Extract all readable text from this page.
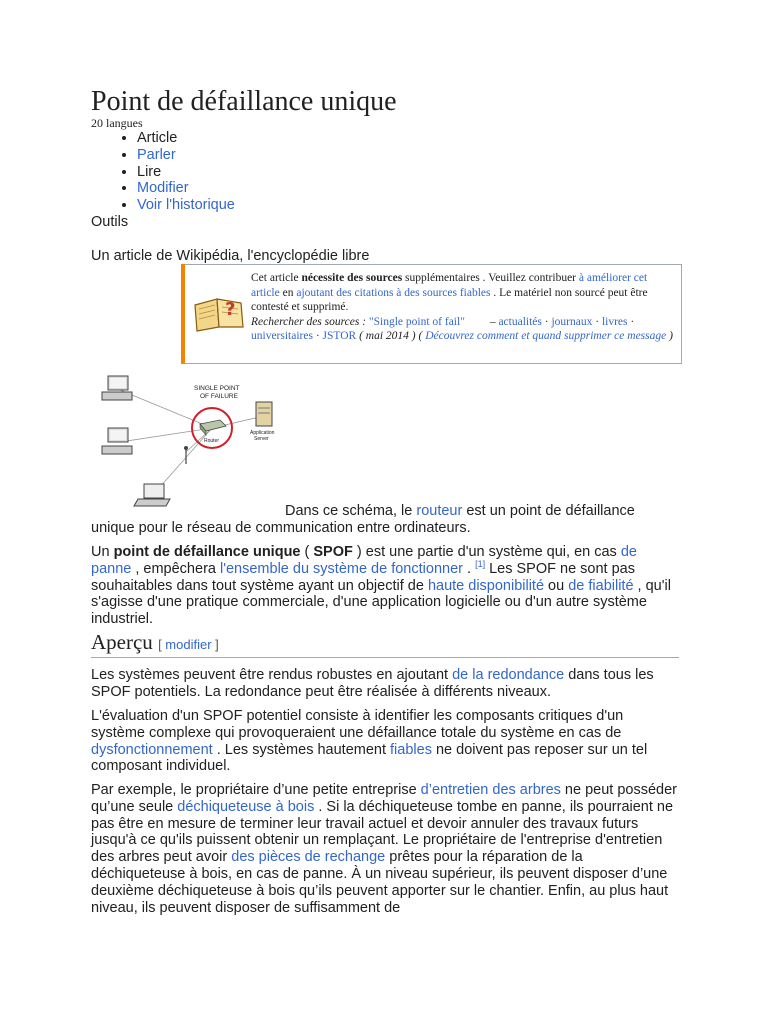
Point de défaillance unique
20 langues
• Article
• Parler
• Lire
• Modifier
• Voir l'historique
Outils
Un article de Wikipédia, l'encyclopédie libre
?
Cet article nécessite des sources supplémentaires . Veuillez contribuer à améliorer cet article en ajoutant des citations à des sources fiables . Le matériel non sourcé peut être contesté et supprimé.
Rechercher des sources : "Single point of fail" – actualités · journaux · livres · universitaires · JSTOR ( mai 2014 ) ( Découvrez comment et quand supprimer ce message )
SINGLE POINT
OF FAILURE
Router
Application
Server
Dans ce schéma, le routeur est un point de défaillance
unique pour le réseau de communication entre ordinateurs.

Un point de défaillance unique ( SPOF ) est une partie d'un système qui, en cas de panne , empêchera l'ensemble du système de fonctionner . [1] Les SPOF ne sont pas souhaitables dans tout système ayant un objectif de haute disponibilité ou de fiabilité , qu'il s'agisse d'une pratique commerciale, d'une application logicielle ou d'un autre système industriel.

Aperçu [ modifier ]

Les systèmes peuvent être rendus robustes en ajoutant de la redondance dans tous les SPOF potentiels. La redondance peut être réalisée à différents niveaux.

L'évaluation d'un SPOF potentiel consiste à identifier les composants critiques d'un système complexe qui provoqueraient une défaillance totale du système en cas de dysfonctionnement . Les systèmes hautement fiables ne doivent pas reposer sur un tel composant individuel.

Par exemple, le propriétaire d’une petite entreprise d’entretien des arbres ne peut posséder qu’une seule déchiqueteuse à bois . Si la déchiqueteuse tombe en panne, ils pourraient ne pas être en mesure de terminer leur travail actuel et devoir annuler des travaux futurs jusqu'à ce qu'ils puissent obtenir un remplaçant. Le propriétaire de l'entreprise d'entretien des arbres peut avoir des pièces de rechange prêtes pour la réparation de la déchiqueteuse à bois, en cas de panne. À un niveau supérieur, ils peuvent disposer d’une deuxième déchiqueteuse à bois qu’ils peuvent apporter sur le chantier. Enfin, au plus haut niveau, ils peuvent disposer de suffisamment de
